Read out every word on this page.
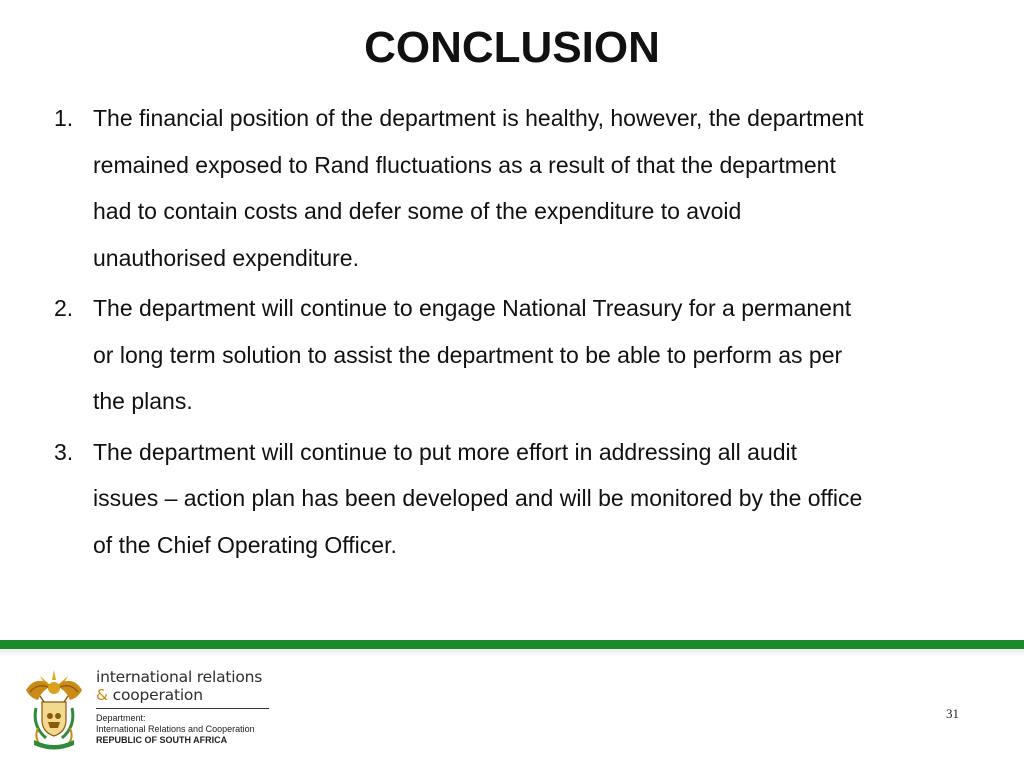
CONCLUSION
1. The financial position of the department is healthy, however, the department
remained exposed to Rand fluctuations as a result of that the department
had to contain costs and defer some of the expenditure to avoid
unauthorised expenditure.
2. The department will continue to engage National Treasury for a permanent
or long term solution to assist the department to be able to perform as per
the plans.
3. The department will continue to put more effort in addressing all audit
issues – action plan has been developed and will be monitored by the office
of the Chief Operating Officer.
international relations
& cooperation
Department:
International Relations and Cooperation
REPUBLIC OF SOUTH AFRICA
31
